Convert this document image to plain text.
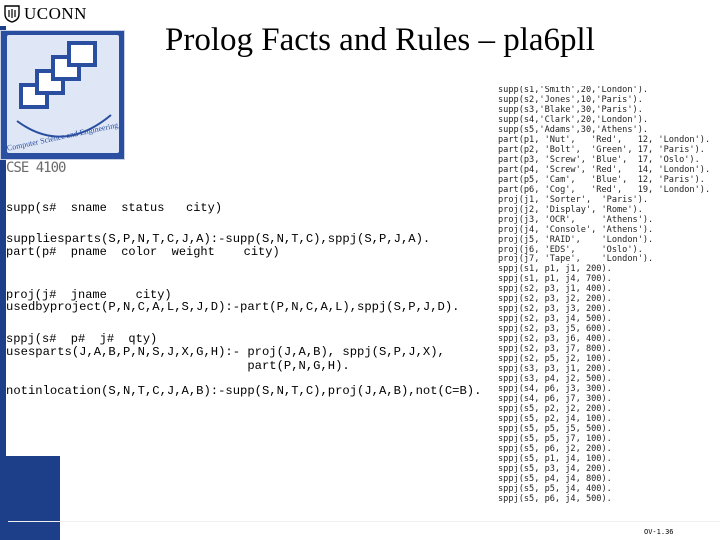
UCONN
Computer Science and Engineering
CSE 4100
Prolog Facts and Rules – pla6pll

supp(s#  sname  status   city)

part(p#  pname  color  weight    city)

proj(j#  jname    city)

sppj(s#  p#  j#  qty)

suppliesparts(S,P,N,T,C,J,A):-supp(S,N,T,C),sppj(S,P,J,A).
usedbyproject(P,N,C,A,L,S,J,D):-part(P,N,C,A,L),sppj(S,P,J,D).
usesparts(J,A,B,P,N,S,J,X,G,H):- proj(J,A,B), sppj(S,P,J,X),
part(P,N,G,H).
notinlocation(S,N,T,C,J,A,B):-supp(S,N,T,C),proj(J,A,B),not(C=B).
supp(s1,'Smith',20,'London').
supp(s2,'Jones',10,'Paris').
supp(s3,'Blake',30,'Paris').
supp(s4,'Clark',20,'London').
supp(s5,'Adams',30,'Athens').
part(p1, 'Nut',   'Red',   12, 'London').
part(p2, 'Bolt',  'Green', 17, 'Paris').
part(p3, 'Screw', 'Blue',  17, 'Oslo').
part(p4, 'Screw', 'Red',   14, 'London').
part(p5, 'Cam',   'Blue',  12, 'Paris').
part(p6, 'Cog',   'Red',   19, 'London').
proj(j1, 'Sorter',  'Paris').
proj(j2, 'Display', 'Rome').
proj(j3, 'OCR',     'Athens').
proj(j4, 'Console', 'Athens').
proj(j5, 'RAID',    'London').
proj(j6, 'EDS',     'Oslo').
proj(j7, 'Tape',    'London').
sppj(s1, p1, j1, 200).
sppj(s1, p1, j4, 700).
sppj(s2, p3, j1, 400).
sppj(s2, p3, j2, 200).
sppj(s2, p3, j3, 200).
sppj(s2, p3, j4, 500).
sppj(s2, p3, j5, 600).
sppj(s2, p3, j6, 400).
sppj(s2, p3, j7, 800).
sppj(s2, p5, j2, 100).
sppj(s3, p3, j1, 200).
sppj(s3, p4, j2, 500).
sppj(s4, p6, j3, 300).
sppj(s4, p6, j7, 300).
sppj(s5, p2, j2, 200).
sppj(s5, p2, j4, 100).
sppj(s5, p5, j5, 500).
sppj(s5, p5, j7, 100).
sppj(s5, p6, j2, 200).
sppj(s5, p1, j4, 100).
sppj(s5, p3, j4, 200).
sppj(s5, p4, j4, 800).
sppj(s5, p5, j4, 400).
sppj(s5, p6, j4, 500).
OV-1.36
